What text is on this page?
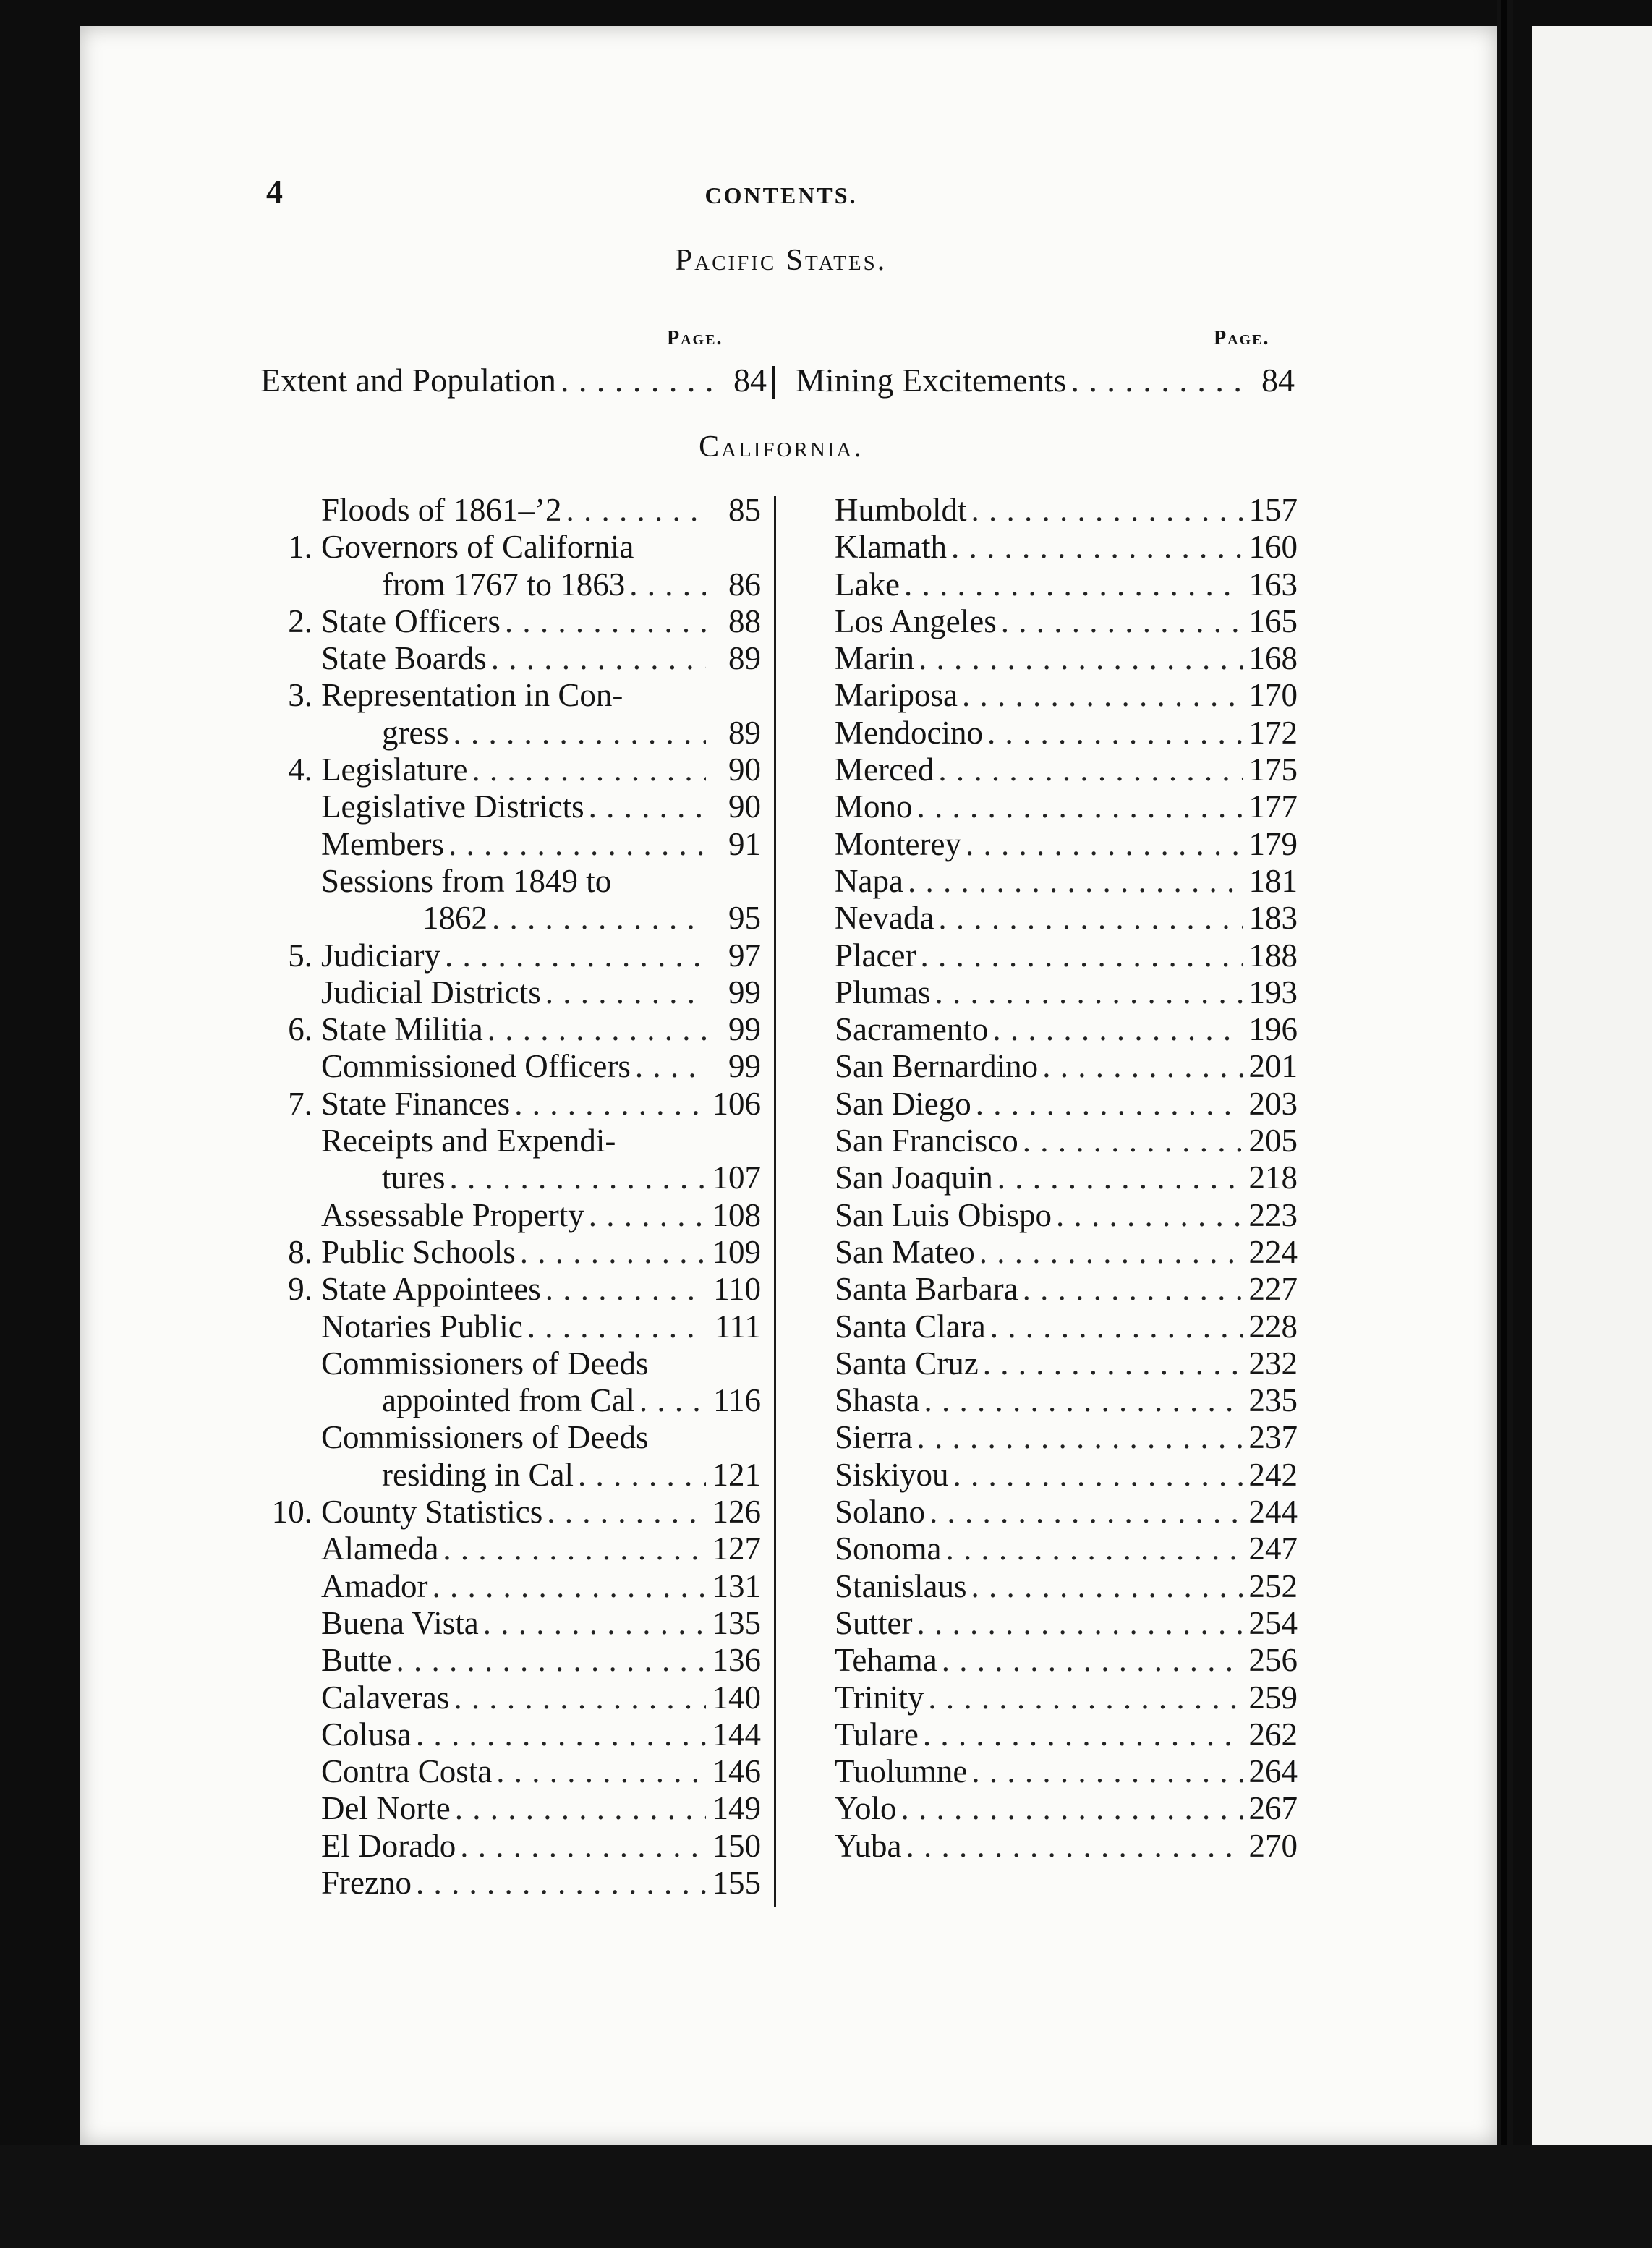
4	CONTENTS.
Pacific States.
Page.	Page.
Extent and Population . . .	84 Mining Excitements . . .	84
California.
Floods of 1861–’2 . . .	85
1. Governors of California
from 1767 to 1863 . . .	86
2. State Officers . . .	88
State Boards . . .	89
3. Representation in Con-
gress . . .	89
4. Legislature . . .	90
Legislative Districts . . .	90
Members . . .	91
Sessions from 1849 to
1862 . . .	95
5. Judiciary . . .	97
Judicial Districts . . .	99
6. State Militia . . .	99
Commissioned Officers . . .	99
7. State Finances . . .	106
Receipts and Expendi-
tures . . .	107
Assessable Property . . .	108
8. Public Schools . . .	109
9. State Appointees . . .	110
Notaries Public . . .	111
Commissioners of Deeds
appointed from Cal . . . 116
Commissioners of Deeds
residing in Cal . . .	121
10. County Statistics . . .	126
Alameda . . .	127
Amador . . .	131
Buena Vista . . .	135
Butte . . .	136
Calaveras . . .	140
Colusa . . .	144
Contra Costa . . .	146
Del Norte . . .	149
El Dorado . . .	150
Frezno . . .	155
Humboldt . . .	157
Klamath . . .	160
Lake . . .	163
Los Angeles . . .	165
Marin . . .	168
Mariposa . . .	170
Mendocino . . .	172
Merced . . .	175
Mono . . .	177
Monterey . . .	179
Napa . . .	181
Nevada . . .	183
Placer . . .	188
Plumas . . .	193
Sacramento . . .	196
San Bernardino . . .	201
San Diego . . .	203
San Francisco . . .	205
San Joaquin . . .	218
San Luis Obispo . . .	223
San Mateo . . .	224
Santa Barbara . . .	227
Santa Clara . . .	228
Santa Cruz . . .	232
Shasta . . .	235
Sierra . . .	237
Siskiyou . . .	242
Solano . . .	244
Sonoma . . .	247
Stanislaus . . .	252
Sutter . . .	254
Tehama . . .	256
Trinity . . .	259
Tulare . . .	262
Tuolumne . . .	264
Yolo . . .	267
Yuba . . .	270
